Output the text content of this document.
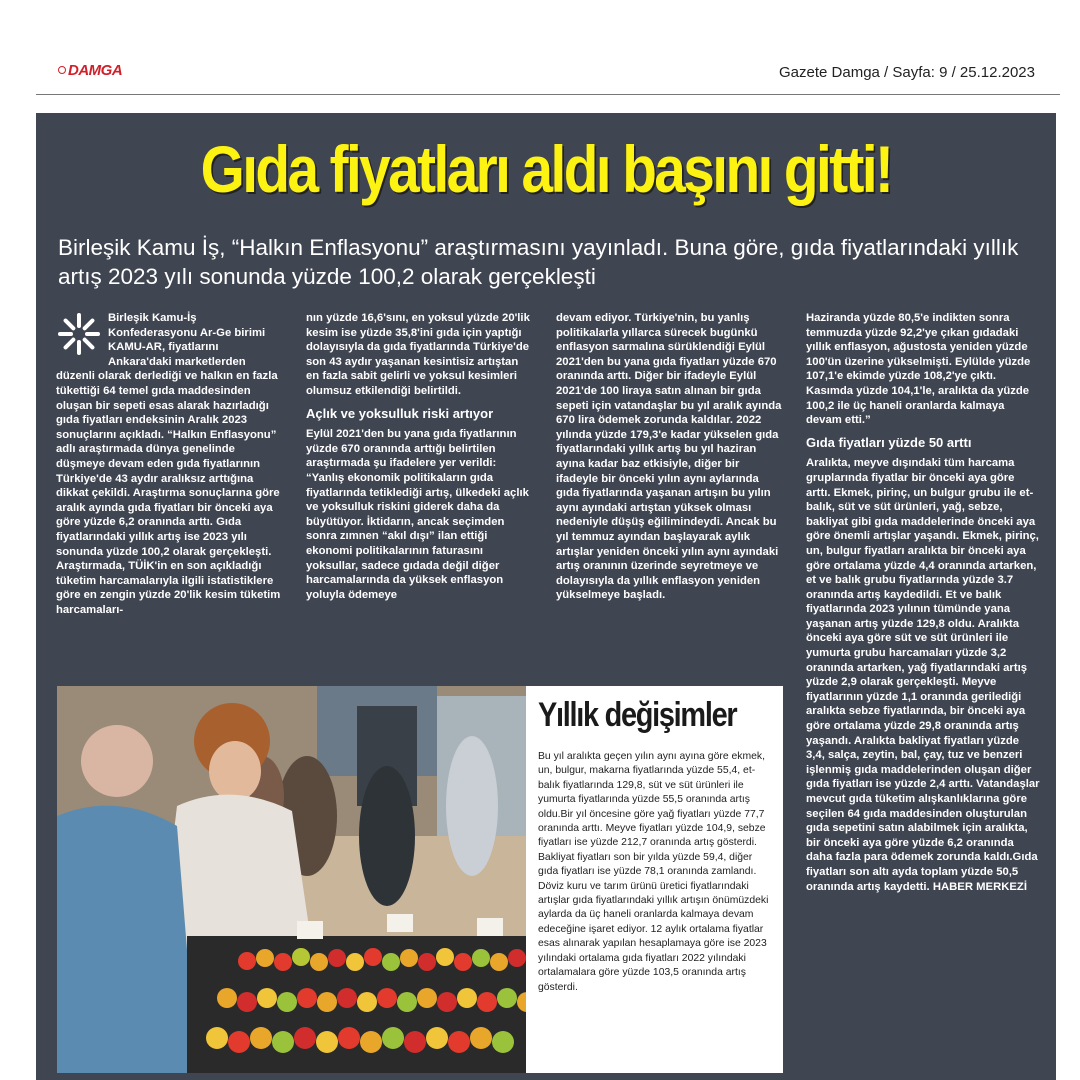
DAMGA	Gazete Damga / Sayfa: 9 / 25.12.2023
Gıda fiyatları aldı başını gitti!
Birleşik Kamu İş, “Halkın Enflasyonu” araştırmasını yayınladı. Buna göre, gıda fiyatlarındaki yıllık artış 2023 yılı sonunda yüzde 100,2 olarak gerçekleşti

Birleşik Kamu-İş Konfederasyonu Ar-Ge birimi KAMU-AR, fiyatlarını Ankara'daki marketlerden düzenli olarak derlediği ve halkın en fazla tükettiği 64 temel gıda maddesinden oluşan bir sepeti esas alarak hazırladığı gıda fiyatları endeksinin Aralık 2023 sonuçlarını açıkladı. “Halkın Enflasyonu” adlı araştırmada dünya genelinde düşmeye devam eden gıda fiyatlarının Türkiye'de 43 aydır aralıksız arttığına dikkat çekildi. Araştırma sonuçlarına göre aralık ayında gıda fiyatları bir önceki aya göre yüzde 6,2 oranında arttı. Gıda fiyatlarındaki yıllık artış ise 2023 yılı sonunda yüzde 100,2 olarak gerçekleşti. Araştırmada, TÜİK'in en son açıkladığı tüketim harcamalarıyla ilgili istatistiklere göre en zengin yüzde 20'lik kesim tüketim harcamaları-

nın yüzde 16,6'sını, en yoksul yüzde 20'lik kesim ise yüzde 35,8'ini gıda için yaptığı dolayısıyla da gıda fiyatlarında Türkiye'de son 43 aydır yaşanan kesintisiz artıştan en fazla sabit gelirli ve yoksul kesimleri olumsuz etkilendiği belirtildi.

Açlık ve yoksulluk riski artıyor

Eylül 2021'den bu yana gıda fiyatlarının yüzde 670 oranında arttığı belirtilen araştırmada şu ifadelere yer verildi: “Yanlış ekonomik politikaların gıda fiyatlarında tetiklediği artış, ülkedeki açlık ve yoksulluk riskini giderek daha da büyütüyor. İktidarın, ancak seçimden sonra zımnen “akıl dışı” ilan ettiği ekonomi politikalarının faturasını yoksullar, sadece gıdada değil diğer harcamalarında da yüksek enflasyon yoluyla ödemeye

devam ediyor. Türkiye'nin, bu yanlış politikalarla yıllarca sürecek bugünkü enflasyon sarmalına sürüklendiği Eylül 2021'den bu yana gıda fiyatları yüzde 670 oranında arttı. Diğer bir ifadeyle Eylül 2021'de 100 liraya satın alınan bir gıda sepeti için vatandaşlar bu yıl aralık ayında 670 lira ödemek zorunda kaldılar. 2022 yılında yüzde 179,3'e kadar yükselen gıda fiyatlarındaki yıllık artış bu yıl haziran ayına kadar baz etkisiyle, diğer bir ifadeyle bir önceki yılın aynı aylarında gıda fiyatlarında yaşanan artışın bu yılın aynı ayındaki artıştan yüksek olması nedeniyle düşüş eğilimindeydi. Ancak bu yıl temmuz ayından başlayarak aylık artışlar yeniden önceki yılın aynı ayındaki artış oranının üzerinde seyretmeye ve dolayısıyla da yıllık enflasyon yeniden yükselmeye başladı.

Haziranda yüzde 80,5'e indikten sonra temmuzda yüzde 92,2'ye çıkan gıdadaki yıllık enflasyon, ağustosta yeniden yüzde 100'ün üzerine yükselmişti. Eylülde yüzde 107,1'e ekimde yüzde 108,2'ye çıktı. Kasımda yüzde 104,1'le, aralıkta da yüzde 100,2 ile üç haneli oranlarda kalmaya devam etti.”

Gıda fiyatları yüzde 50 arttı

Aralıkta, meyve dışındaki tüm harcama gruplarında fiyatlar bir önceki aya göre arttı. Ekmek, pirinç, un bulgur grubu ile et-balık, süt ve süt ürünleri, yağ, sebze, bakliyat gibi gıda maddelerinde önceki aya göre önemli artışlar yaşandı. Ekmek, pirinç, un, bulgur fiyatları aralıkta bir önceki aya göre ortalama yüzde 4,4 oranında artarken, et ve balık grubu fiyatlarında yüzde 3.7 oranında artış kaydedildi. Et ve balık fiyatlarında 2023 yılının tümünde yana yaşanan artış yüzde 129,8 oldu. Aralıkta önceki aya göre süt ve süt ürünleri ile yumurta grubu harcamaları yüzde 3,2 oranında artarken, yağ fiyatlarındaki artış yüzde 2,9 olarak gerçekleşti. Meyve fiyatlarının yüzde 1,1 oranında gerilediği aralıkta sebze fiyatlarında, bir önceki aya göre ortalama yüzde 29,8 oranında artış yaşandı. Aralıkta bakliyat fiyatları yüzde 3,4, salça, zeytin, bal, çay, tuz ve benzeri işlenmiş gıda maddelerinden oluşan diğer gıda fiyatları ise yüzde 2,4 arttı. Vatandaşlar mevcut gıda tüketim alışkanlıklarına göre seçilen 64 gıda maddesinden oluşturulan gıda sepetini satın alabilmek için aralıkta, bir önceki aya göre yüzde 6,2 oranında daha fazla para ödemek zorunda kaldı.Gıda fiyatları son altı ayda toplam yüzde 50,5 oranında artış kaydetti. HABER MERKEZİ

Yıllık değişimler
Bu yıl aralıkta geçen yılın aynı ayına göre ekmek, un, bulgur, makarna fiyatlarında yüzde 55,4, et-balık fiyatlarında 129,8, süt ve süt ürünleri ile yumurta fiyatlarında yüzde 55,5 oranında artış oldu.Bir yıl öncesine göre yağ fiyatları yüzde 77,7 oranında arttı. Meyve fiyatları yüzde 104,9, sebze fiyatları ise yüzde 212,7 oranında artış gösterdi. Bakliyat fiyatları son bir yılda yüzde 59,4, diğer gıda fiyatları ise yüzde 78,1 oranında zamlandı. Döviz kuru ve tarım ürünü üretici fiyatlarındaki artışlar gıda fiyatlarındaki yıllık artışın önümüzdeki aylarda da üç haneli oranlarda kalmaya devam edeceğine işaret ediyor. 12 aylık ortalama fiyatlar esas alınarak yapılan hesaplamaya göre ise 2023 yılındaki ortalama gıda fiyatları 2022 yılındaki ortalamalara göre yüzde 103,5 oranında artış gösterdi.
